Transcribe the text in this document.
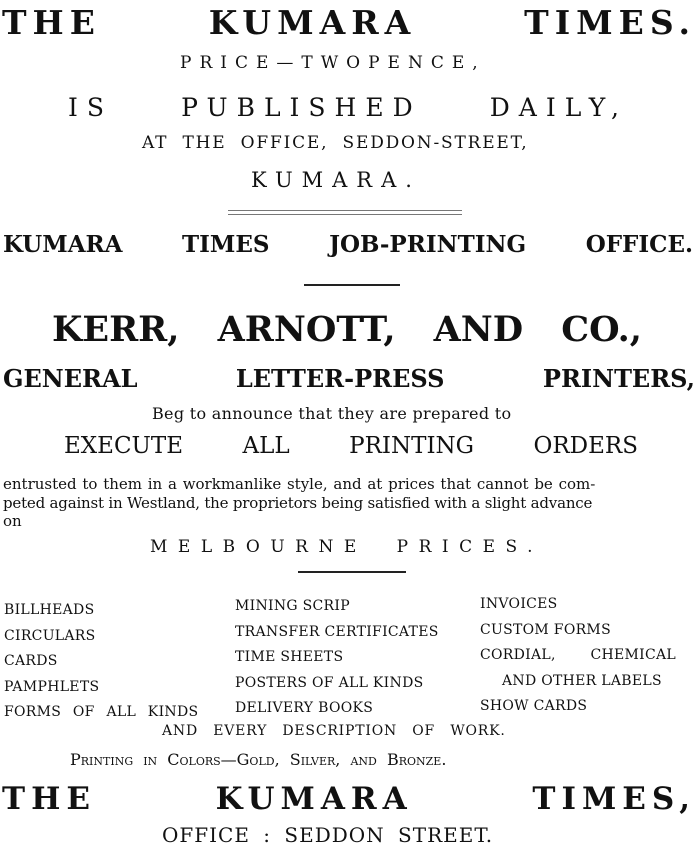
THE	KUMARA	TIMES.
PRICE—TWOPENCE,
IS	PUBLISHED	DAILY,
AT THE OFFICE, SEDDON-STREET,
KUMARA.
KUMARA	TIMES	JOB-PRINTING	OFFICE.
KERR, ARNOTT, AND CO.,
GENERAL	LETTER-PRESS	PRINTERS,
Beg to announce that they are prepared to
EXECUTE	ALL	PRINTING	ORDERS
entrusted to them in a workmanlike style, and at prices that cannot be com-
peted against in Westland, the proprietors being satisfied with a slight advance
on
MELBOURNE PRICES.
BILLHEADS
CIRCULARS
CARDS
PAMPHLETS
FORMS OF ALL KINDS
MINING SCRIP
TRANSFER CERTIFICATES
TIME SHEETS
POSTERS OF ALL KINDS
DELIVERY BOOKS
INVOICES
CUSTOM FORMS
CORDIAL, CHEMICAL
AND OTHER LABELS
SHOW CARDS
AND EVERY DESCRIPTION OF WORK.
Printing in Colors—Gold, Silver, and Bronze.
THE	KUMARA	TIMES,
OFFICE : SEDDON STREET.
